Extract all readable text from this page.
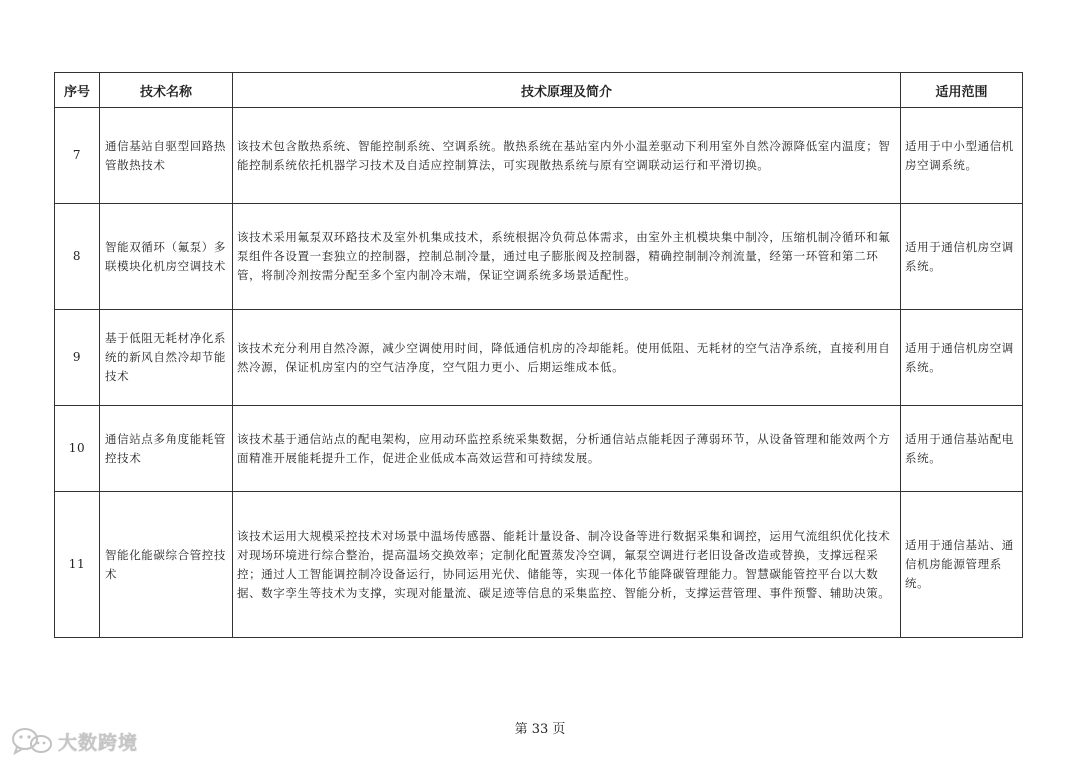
序号	技术名称	技术原理及简介	适用范围
7	通信基站自驱型回路热管散热技术	该技术包含散热系统、智能控制系统、空调系统。散热系统在基站室内外小温差驱动下利用室外自然冷源降低室内温度；智能控制系统依托机器学习技术及自适应控制算法，可实现散热系统与原有空调联动运行和平滑切换。	适用于中小型通信机房空调系统。
8	智能双循环（氟泵）多联模块化机房空调技术	该技术采用氟泵双环路技术及室外机集成技术，系统根据冷负荷总体需求，由室外主机模块集中制冷，压缩机制冷循环和氟泵组件各设置一套独立的控制器，控制总制冷量，通过电子膨胀阀及控制器，精确控制制冷剂流量，经第一环管和第二环管，将制冷剂按需分配至多个室内制冷末端，保证空调系统多场景适配性。	适用于通信机房空调系统。
9	基于低阻无耗材净化系统的新风自然冷却节能技术	该技术充分利用自然冷源，减少空调使用时间，降低通信机房的冷却能耗。使用低阻、无耗材的空气洁净系统，直接利用自然冷源，保证机房室内的空气洁净度，空气阻力更小、后期运维成本低。	适用于通信机房空调系统。
10	通信站点多角度能耗管控技术	该技术基于通信站点的配电架构，应用动环监控系统采集数据，分析通信站点能耗因子薄弱环节，从设备管理和能效两个方面精准开展能耗提升工作，促进企业低成本高效运营和可持续发展。	适用于通信基站配电系统。
11	智能化能碳综合管控技术	该技术运用大规模采控技术对场景中温场传感器、能耗计量设备、制冷设备等进行数据采集和调控，运用气流组织优化技术对现场环境进行综合整治，提高温场交换效率；定制化配置蒸发冷空调，氟泵空调进行老旧设备改造或替换，支撑远程采控；通过人工智能调控制冷设备运行，协同运用光伏、储能等，实现一体化节能降碳管理能力。智慧碳能管控平台以大数据、数字孪生等技术为支撑，实现对能量流、碳足迹等信息的采集监控、智能分析，支撑运营管理、事件预警、辅助决策。	适用于通信基站、通信机房能源管理系统。
第 33 页
大数跨境
